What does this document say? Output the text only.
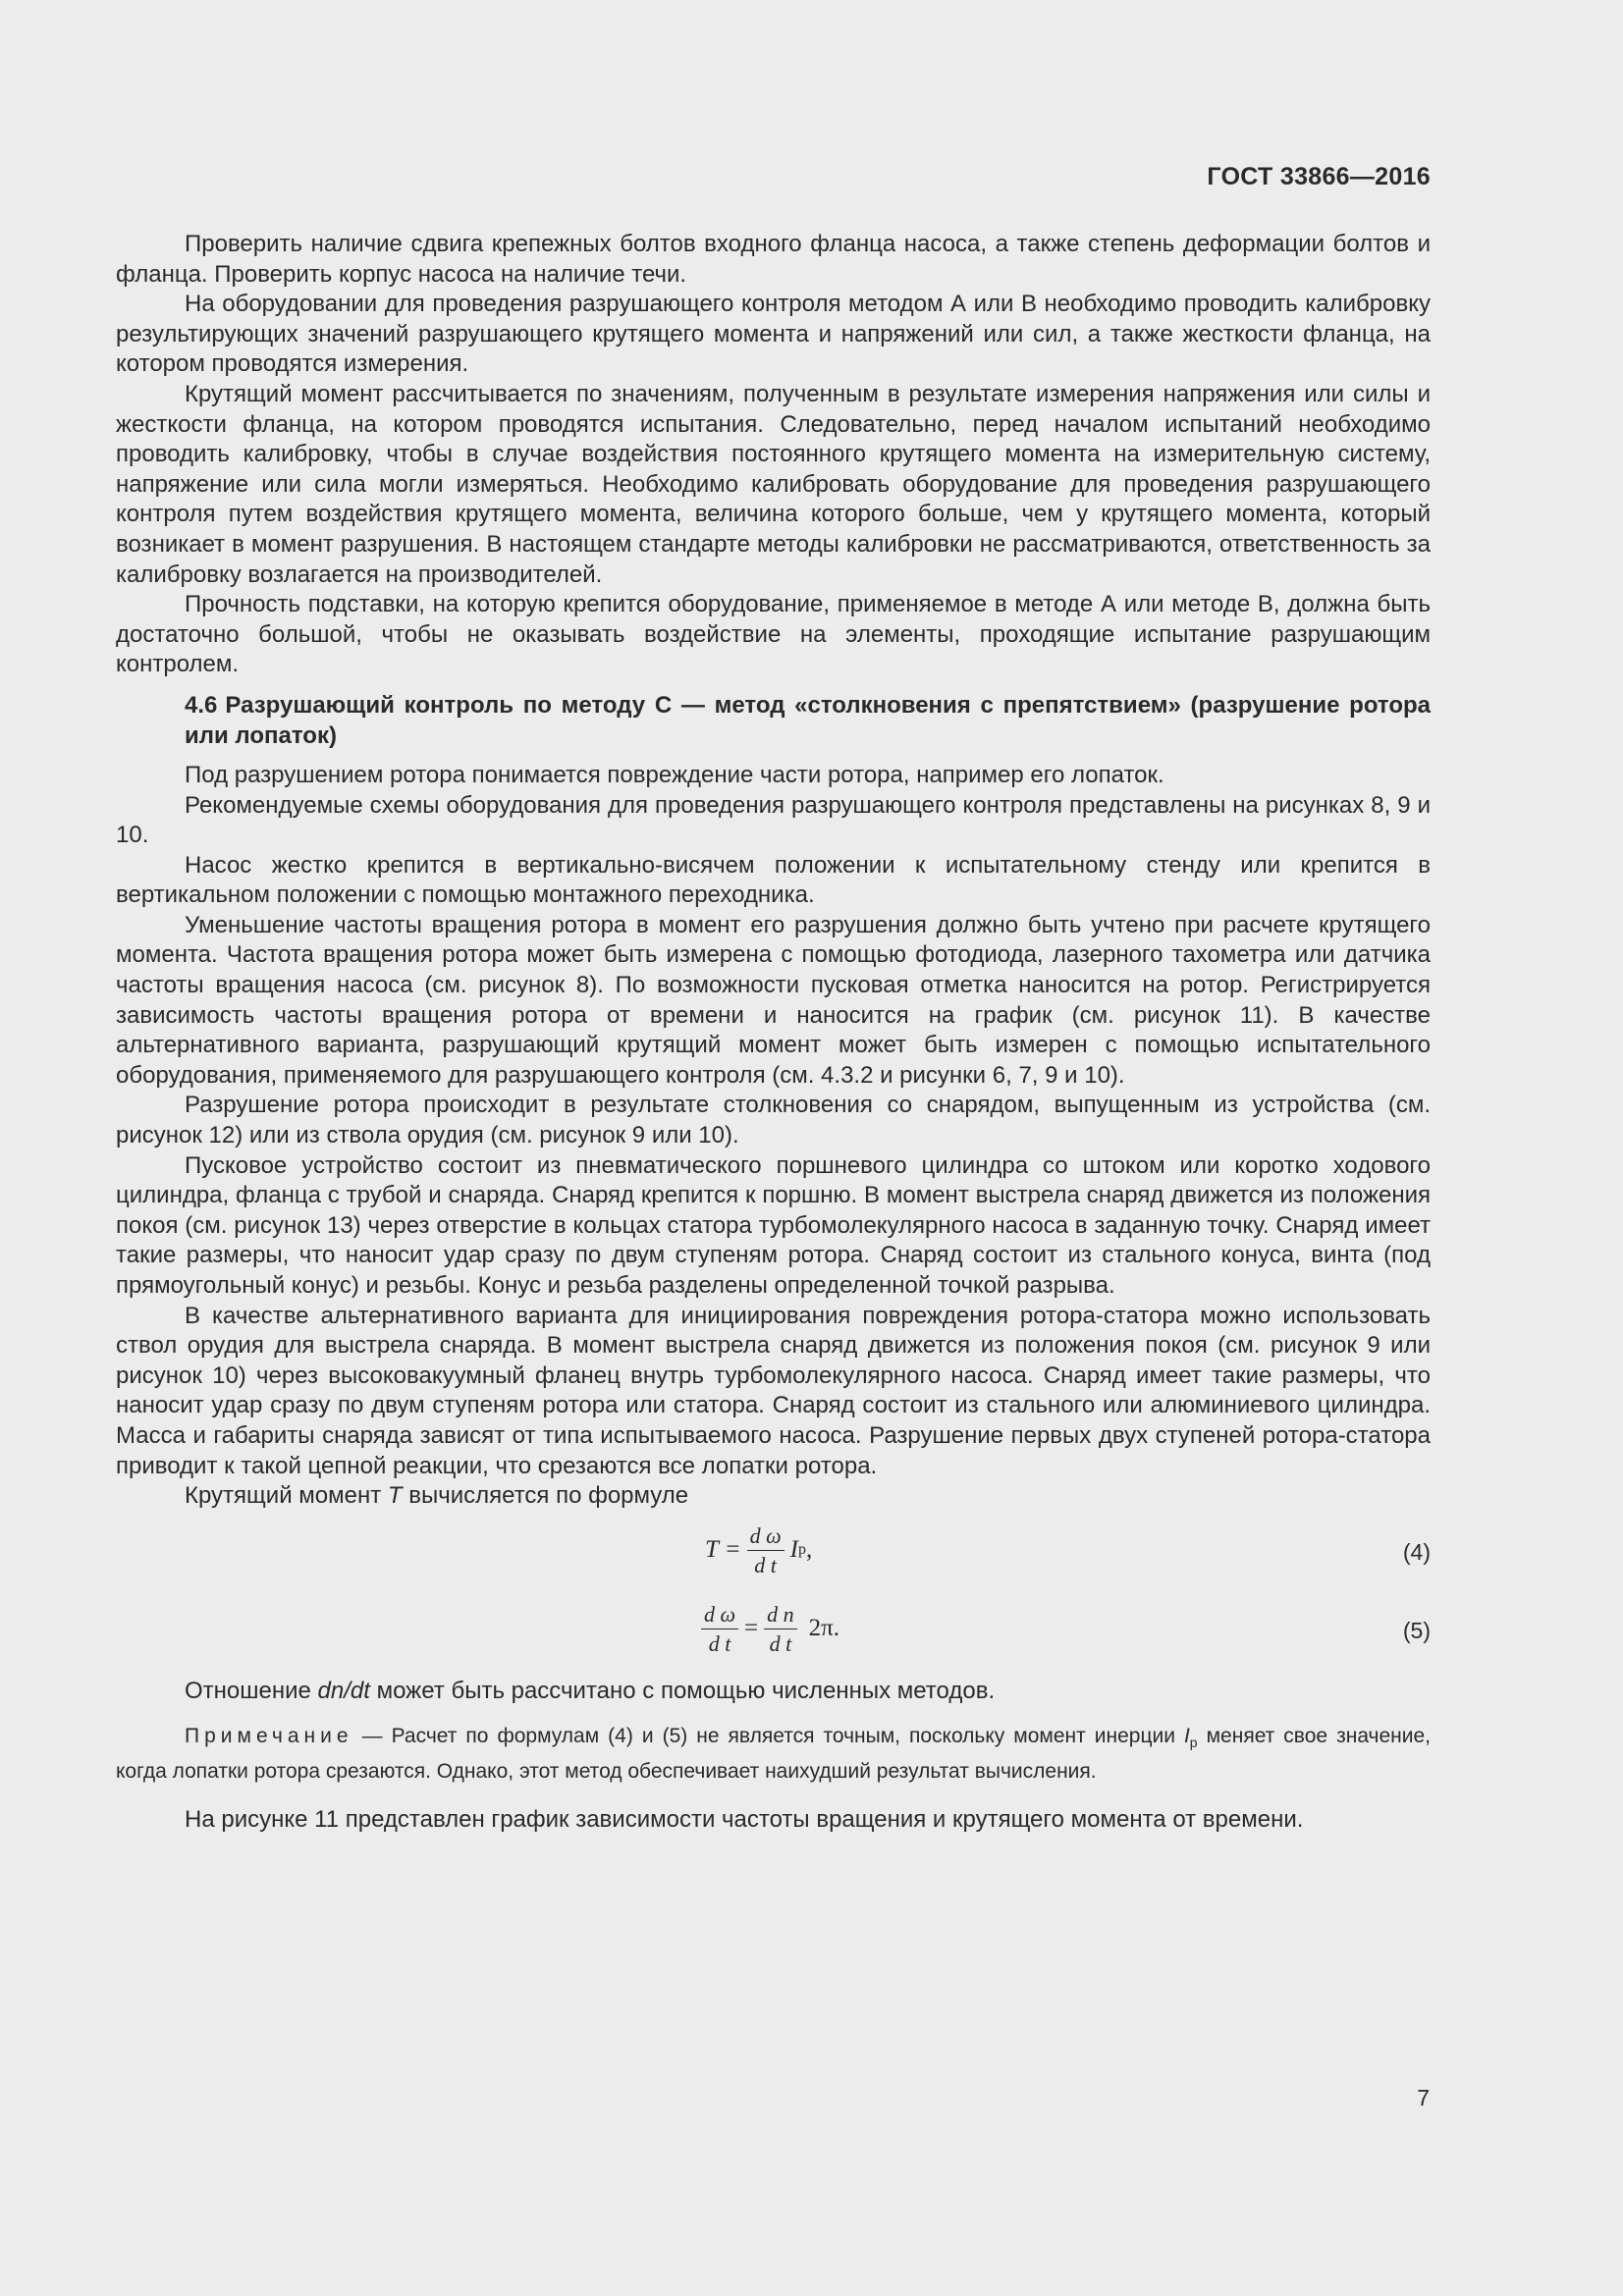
ГОСТ 33866—2016

Проверить наличие сдвига крепежных болтов входного фланца насоса, а также степень деформации болтов и фланца. Проверить корпус насоса на наличие течи.

На оборудовании для проведения разрушающего контроля методом А или В необходимо проводить калибровку результирующих значений разрушающего крутящего момента и напряжений или сил, а также жесткости фланца, на котором проводятся измерения.

Крутящий момент рассчитывается по значениям, полученным в результате измерения напряжения или силы и жесткости фланца, на котором проводятся испытания. Следовательно, перед началом испытаний необходимо проводить калибровку, чтобы в случае воздействия постоянного крутящего момента на измерительную систему, напряжение или сила могли измеряться. Необходимо калибровать оборудование для проведения разрушающего контроля путем воздействия крутящего момента, величина которого больше, чем у крутящего момента, который возникает в момент разрушения. В настоящем стандарте методы калибровки не рассматриваются, ответственность за калибровку возлагается на производителей.

Прочность подставки, на которую крепится оборудование, применяемое в методе А или методе В, должна быть достаточно большой, чтобы не оказывать воздействие на элементы, проходящие испытание разрушающим контролем.

4.6 Разрушающий контроль по методу С — метод «столкновения с препятствием» (разрушение ротора или лопаток)

Под разрушением ротора понимается повреждение части ротора, например его лопаток.

Рекомендуемые схемы оборудования для проведения разрушающего контроля представлены на рисунках 8, 9 и 10.

Насос жестко крепится в вертикально-висячем положении к испытательному стенду или крепится в вертикальном положении с помощью монтажного переходника.

Уменьшение частоты вращения ротора в момент его разрушения должно быть учтено при расчете крутящего момента. Частота вращения ротора может быть измерена с помощью фотодиода, лазерного тахометра или датчика частоты вращения насоса (см. рисунок 8). По возможности пусковая отметка наносится на ротор. Регистрируется зависимость частоты вращения ротора от времени и наносится на график (см. рисунок 11). В качестве альтернативного варианта, разрушающий крутящий момент может быть измерен с помощью испытательного оборудования, применяемого для разрушающего контроля (см. 4.3.2 и рисунки 6, 7, 9 и 10).

Разрушение ротора происходит в результате столкновения со снарядом, выпущенным из устройства (см. рисунок 12) или из ствола орудия (см. рисунок 9 или 10).

Пусковое устройство состоит из пневматического поршневого цилиндра со штоком или коротко ходового цилиндра, фланца с трубой и снаряда. Снаряд крепится к поршню. В момент выстрела снаряд движется из положения покоя (см. рисунок 13) через отверстие в кольцах статора турбомолекулярного насоса в заданную точку. Снаряд имеет такие размеры, что наносит удар сразу по двум ступеням ротора. Снаряд состоит из стального конуса, винта (под прямоугольный конус) и резьбы. Конус и резьба разделены определенной точкой разрыва.

В качестве альтернативного варианта для инициирования повреждения ротора-статора можно использовать ствол орудия для выстрела снаряда. В момент выстрела снаряд движется из положения покоя (см. рисунок 9 или рисунок 10) через высоковакуумный фланец внутрь турбомолекулярного насоса. Снаряд имеет такие размеры, что наносит удар сразу по двум ступеням ротора или статора. Снаряд состоит из стального или алюминиевого цилиндра. Масса и габариты снаряда зависят от типа испытываемого насоса. Разрушение первых двух ступеней ротора-статора приводит к такой цепной реакции, что срезаются все лопатки ротора.

Крутящий момент T вычисляется по формуле

$T = \frac{\text{d ω}}{\text{d t}}$ I р ,	(4)
$\frac{\text{d ω}}{\text{d t}} = \frac{\text{d n}}{\text{d t}} 2\pi$.	(5)

Отношение dn/dt может быть рассчитано с помощью численных методов.

Примечание — Расчет по формулам (4) и (5) не является точным, поскольку момент инерции $I_р$ меняет свое значение, когда лопатки ротора срезаются. Однако, этот метод обеспечивает наихудший результат вычисления.

На рисунке 11 представлен график зависимости частоты вращения и крутящего момента от времени.

7
